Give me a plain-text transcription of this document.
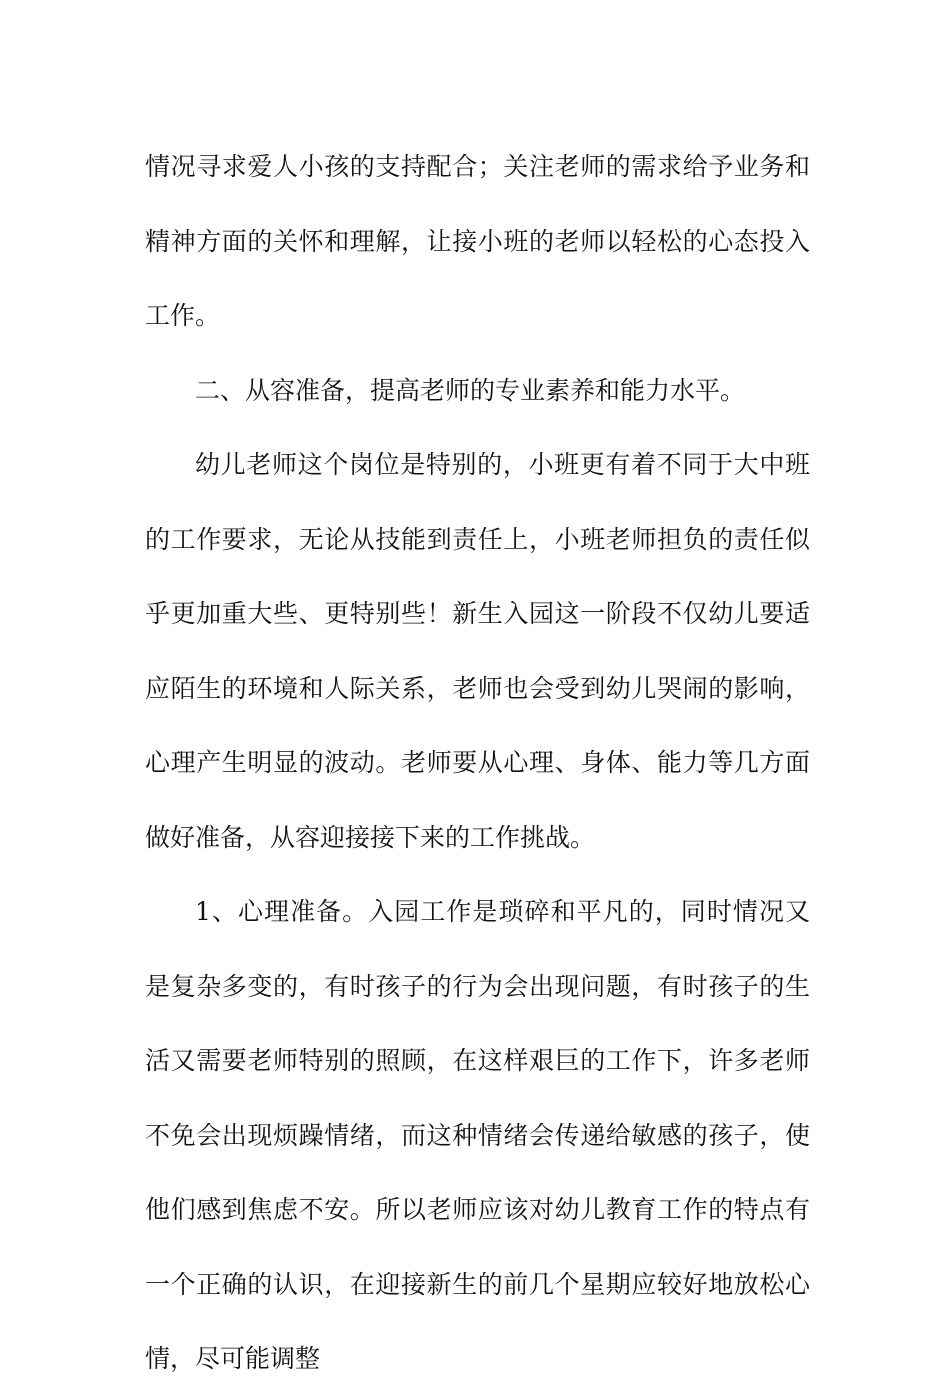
情况寻求爱人小孩的支持配合；关注老师的需求给予业务和精神方面的关怀和理解，让接小班的老师以轻松的心态投入工作。

二、从容准备，提高老师的专业素养和能力水平。

幼儿老师这个岗位是特别的，小班更有着不同于大中班的工作要求，无论从技能到责任上，小班老师担负的责任似乎更加重大些、更特别些！新生入园这一阶段不仅幼儿要适应陌生的环境和人际关系，老师也会受到幼儿哭闹的影响，心理产生明显的波动。老师要从心理、身体、能力等几方面做好准备，从容迎接接下来的工作挑战。

1、心理准备。入园工作是琐碎和平凡的，同时情况又是复杂多变的，有时孩子的行为会出现问题，有时孩子的生活又需要老师特别的照顾，在这样艰巨的工作下，许多老师不免会出现烦躁情绪，而这种情绪会传递给敏感的孩子，使他们感到焦虑不安。所以老师应该对幼儿教育工作的特点有一个正确的认识，在迎接新生的前几个星期应较好地放松心情，尽可能调整
